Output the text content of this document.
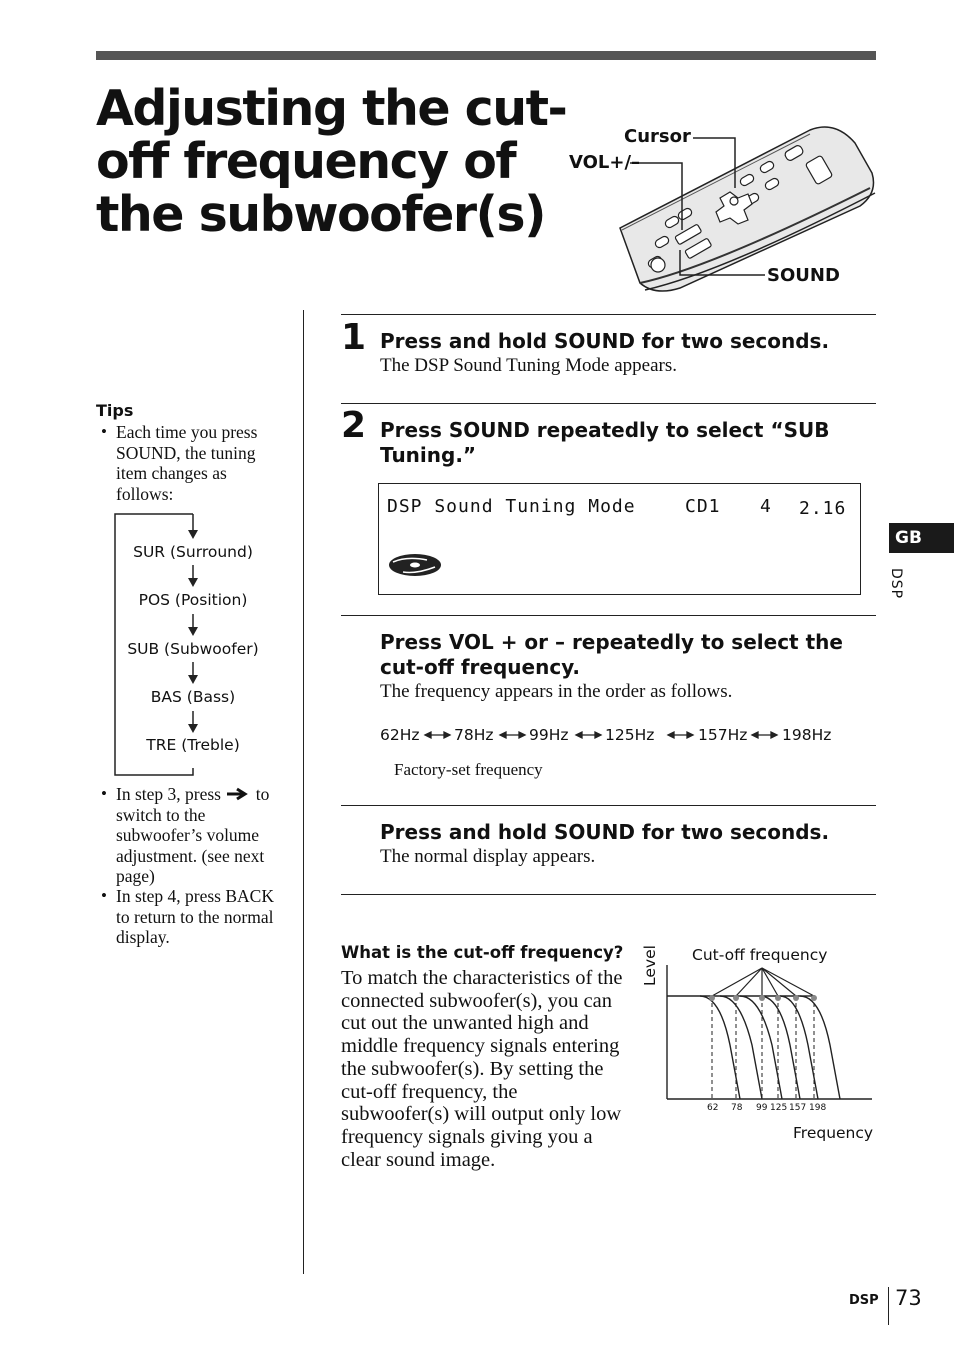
Adjusting the cut-off frequency of the subwoofer(s)
Cursor
VOL+/–
SOUND
Tips
• Each time you press SOUND, the tuning item changes as follows:
SUR (Surround)
POS (Position)
SUB (Subwoofer)
BAS (Bass)
TRE (Treble)
• In step 3, press to switch to the subwoofer’s volume adjustment. (see next page)
• In step 4, press BACK to return to the normal display.
1 Press and hold SOUND for two seconds.
The DSP Sound Tuning Mode appears.
2 Press SOUND repeatedly to select “SUB Tuning.”
DSP Sound Tuning Mode	CD1 4 2.16
Press VOL + or – repeatedly to select the cut-off frequency.
The frequency appears in the order as follows.
62Hz 78Hz 99Hz 125Hz	157Hz 198Hz
Factory-set frequency
Press and hold SOUND for two seconds.
The normal display appears.
What is the cut-off frequency?
To match the characteristics of the connected subwoofer(s), you can cut out the unwanted high and middle frequency signals entering the subwoofer(s). By setting the cut-off frequency, the subwoofer(s) will output only low frequency signals giving you a clear sound image.
Level Cut-off frequency
62 78 99 125 157 198
Frequency
GB
DSP
DSP 73
